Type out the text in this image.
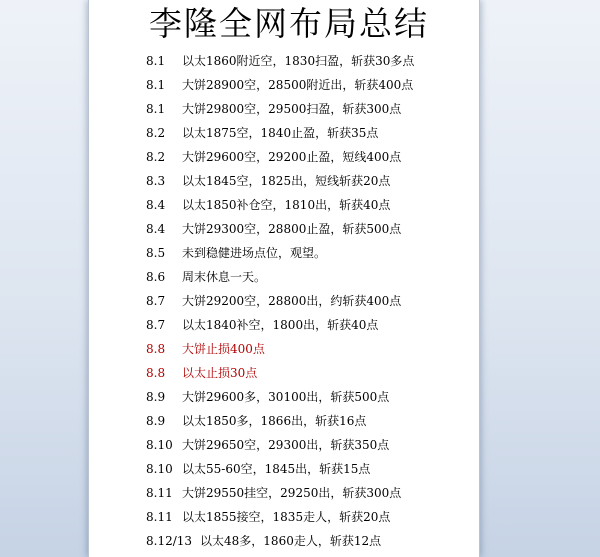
李隆全网布局总结
8.1 以太1860附近空，1830扫盈，斩获30多点
8.1 大饼28900空，28500附近出，斩获400点
8.1 大饼29800空，29500扫盈，斩获300点
8.2 以太1875空，1840止盈，斩获35点
8.2 大饼29600空，29200止盈，短线400点
8.3 以太1845空，1825出，短线斩获20点
8.4 以太1850补仓空，1810出，斩获40点
8.4 大饼29300空，28800止盈，斩获500点
8.5 未到稳健进场点位，观望。
8.6 周末休息一天。
8.7 大饼29200空，28800出，约斩获400点
8.7 以太1840补空，1800出，斩获40点
8.8 大饼止损400点
8.8 以太止损30点
8.9 大饼29600多，30100出，斩获500点
8.9 以太1850多，1866出，斩获16点
8.10 大饼29650空，29300出，斩获350点
8.10 以太55-60空，1845出，斩获15点
8.11 大饼29550挂空，29250出，斩获300点
8.11 以太1855接空，1835走人，斩获20点
8.12/13 以太48多，1860走人，斩获12点
